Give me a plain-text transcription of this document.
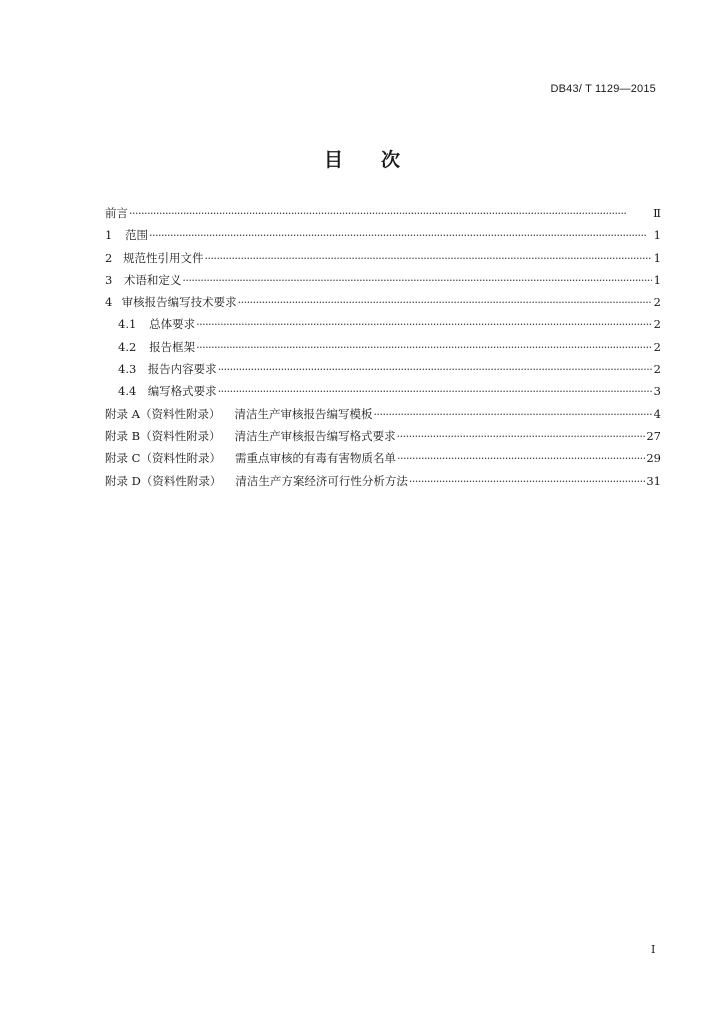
DB43/ T 1129—2015
目 次
前言 ·····	Ⅱ
1	范围 ·····	1
2 规范性引用文件 ·····	1
3	术语和定义 ·····	1
4 审核报告编写技术要求 ·····	2
4.1	总体要求 ·····	2
4.2	报告框架 ·····	2
4.3 报告内容要求 ·····	2
4.4 编写格式要求 ·····	3
附录 A（资料性附录）	清洁生产审核报告编写模板 ·····	4
附录 B（资料性附录）	清洁生产审核报告编写格式要求 ·····	27
附录 C（资料性附录）	需重点审核的有毒有害物质名单 ·····	29
附录 D（资料性附录）	清洁生产方案经济可行性分析方法 ·····	31
I
